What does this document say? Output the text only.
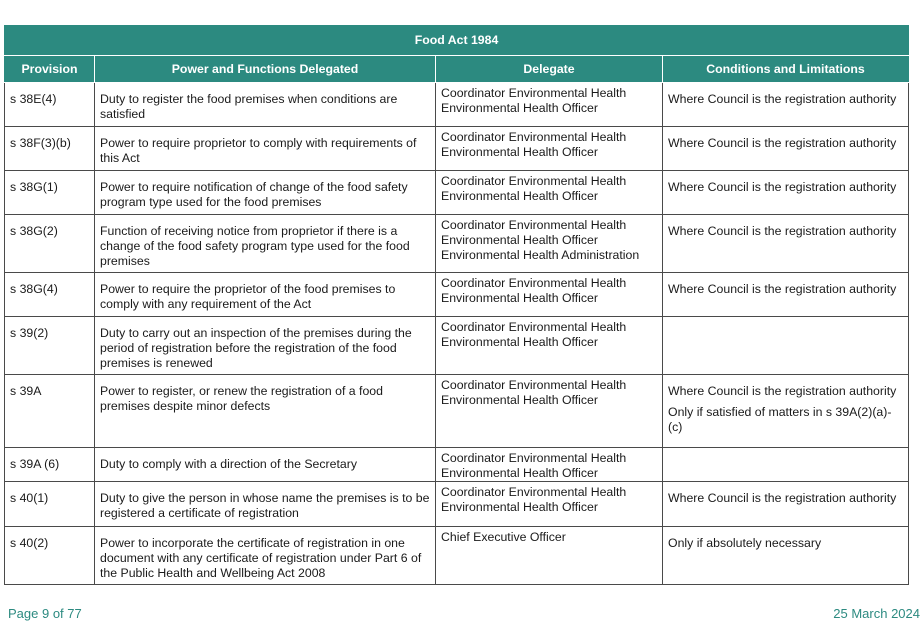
Food Act 1984			
Provision	Power and Functions Delegated	Delegate	Conditions and Limitations
s 38E(4)	Duty to register the food premises when conditions are satisfied	Coordinator Environmental Health
Environmental Health Officer	Where Council is the registration authority

s 38F(3)(b)	Power to require proprietor to comply with requirements of this Act	Coordinator Environmental Health
Environmental Health Officer	Where Council is the registration authority

s 38G(1)	Power to require notification of change of the food safety program type used for the food premises	Coordinator Environmental Health
Environmental Health Officer	Where Council is the registration authority

s 38G(2)	Function of receiving notice from proprietor if there is a change of the food safety program type used for the food premises	Coordinator Environmental Health
Environmental Health Officer
Environmental Health Administration	Where Council is the registration authority

s 38G(4)	Power to require the proprietor of the food premises to comply with any requirement of the Act	Coordinator Environmental Health
Environmental Health Officer	Where Council is the registration authority

s 39(2)	Duty to carry out an inspection of the premises during the period of registration before the registration of the food premises is renewed	Coordinator Environmental Health
Environmental Health Officer	

s 39A	Power to register, or renew the registration of a food premises despite minor defects	Coordinator Environmental Health
Environmental Health Officer	Where Council is the registration authority
Only if satisfied of matters in s 39A(2)(a)-(c)

s 39A (6)	Duty to comply with a direction of the Secretary	Coordinator Environmental Health
Environmental Health Officer	

s 40(1)	Duty to give the person in whose name the premises is to be registered a certificate of registration	Coordinator Environmental Health
Environmental Health Officer	Where Council is the registration authority

s 40(2)	Power to incorporate the certificate of registration in one document with any certificate of registration under Part 6 of the Public Health and Wellbeing Act 2008	Chief Executive Officer	Only if absolutely necessary
Page 9 of 77	25 March 2024
